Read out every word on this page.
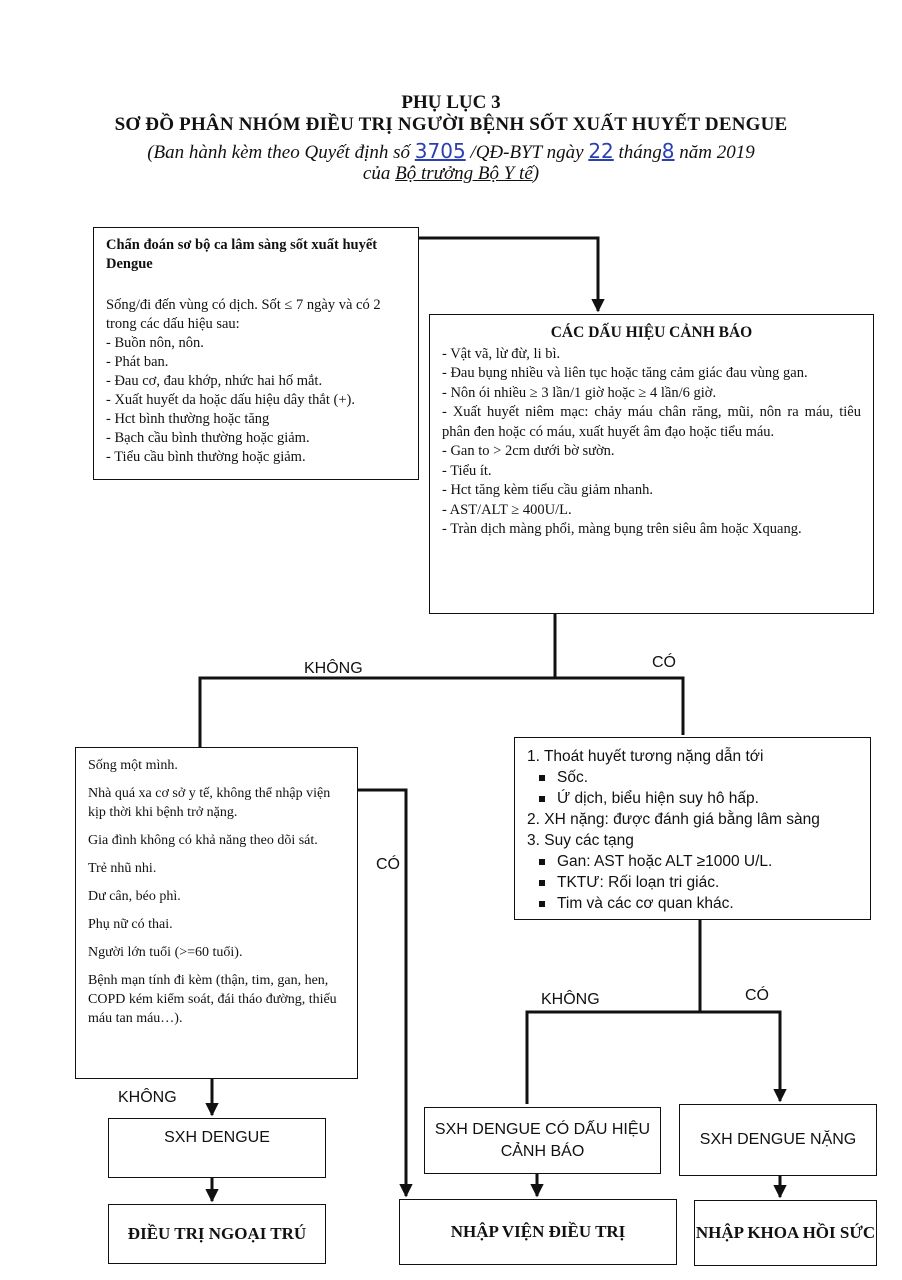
PHỤ LỤC 3
SƠ ĐỒ PHÂN NHÓM ĐIỀU TRỊ NGƯỜI BỆNH SỐT XUẤT HUYẾT DENGUE
(Ban hành kèm theo Quyết định số 3705 /QĐ-BYT ngày 22 tháng8 năm 2019
của Bộ trưởng Bộ Y tế)

Chẩn đoán sơ bộ ca lâm sàng sốt xuất huyết Dengue

Sống/đi đến vùng có dịch. Sốt ≤ 7 ngày và có 2 trong các dấu hiệu sau:

- Buồn nôn, nôn.

- Phát ban.

- Đau cơ, đau khớp, nhức hai hố mắt.

- Xuất huyết da hoặc dấu hiệu dây thắt (+).

- Hct bình thường hoặc tăng

- Bạch cầu bình thường hoặc giảm.

- Tiểu cầu bình thường hoặc giảm.

CÁC DẤU HIỆU CẢNH BÁO

- Vật vã, lừ đừ, li bì.

- Đau bụng nhiều và liên tục hoặc tăng cảm giác đau vùng gan.

- Nôn ói nhiều ≥ 3 lần/1 giờ hoặc ≥ 4 lần/6 giờ.

- Xuất huyết niêm mạc: chảy máu chân răng, mũi, nôn ra máu, tiêu phân đen hoặc có máu, xuất huyết âm đạo hoặc tiểu máu.

- Gan to > 2cm dưới bờ sườn.

- Tiểu ít.

- Hct tăng kèm tiểu cầu giảm nhanh.

- AST/ALT ≥ 400U/L.

- Tràn dịch màng phổi, màng bụng trên siêu âm hoặc Xquang.

Sống một mình.

Nhà quá xa cơ sở y tế, không thể nhập viện kịp thời khi bệnh trở nặng.

Gia đình không có khả năng theo dõi sát.

Trẻ nhũ nhi.

Dư cân, béo phì.

Phụ nữ có thai.

Người lớn tuổi (>=60 tuổi).

Bệnh mạn tính đi kèm (thận, tim, gan, hen, COPD kém kiểm soát, đái tháo đường, thiếu máu tan máu…).

1. Thoát huyết tương nặng dẫn tới

Sốc.

Ứ dịch, biểu hiện suy hô hấp.

2. XH nặng: được đánh giá bằng lâm sàng

3. Suy các tạng

Gan: AST hoặc ALT ≥1000 U/L.

TKTƯ: Rối loạn tri giác.

Tim và các cơ quan khác.

SXH DENGUE	SXH DENGUE CÓ DẤU HIỆU CẢNH BÁO
SXH DENGUE NẶNG
ĐIỀU TRỊ NGOẠI TRÚ	NHẬP VIỆN ĐIỀU TRỊ	NHẬP KHOA HỒI SỨC
KHÔNG	CÓ
CÓ
KHÔNG	CÓ
KHÔNG
